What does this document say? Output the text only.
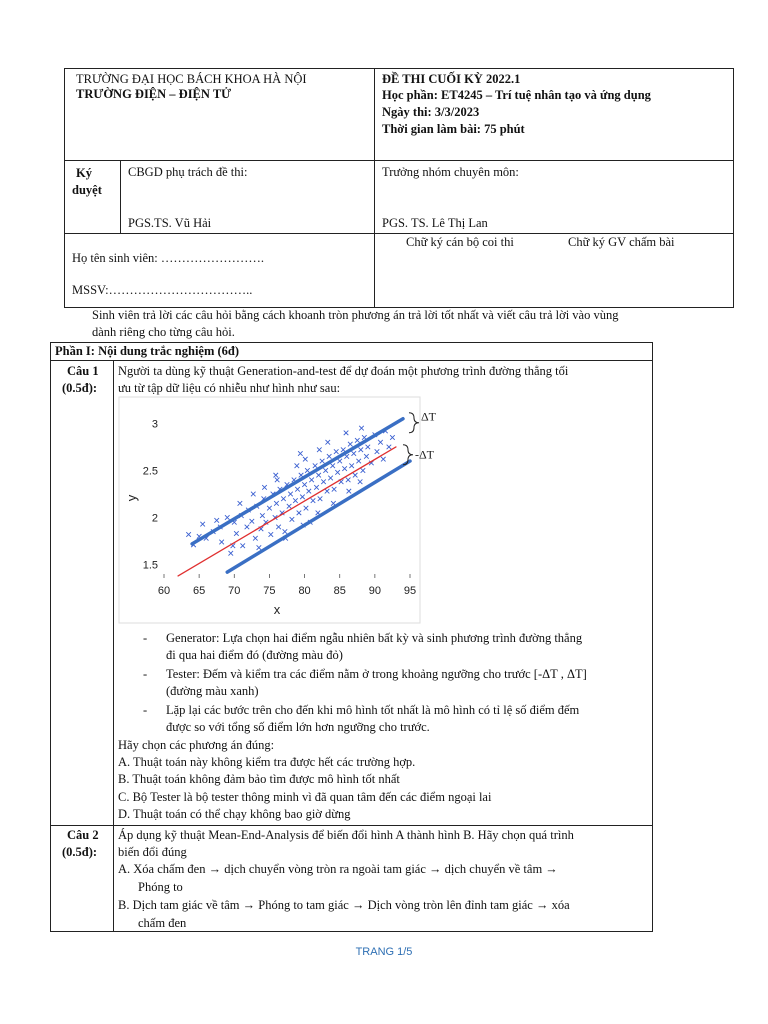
TRƯỜNG ĐẠI HỌC BÁCH KHOA HÀ NỘI
TRƯỜNG ĐIỆN – ĐIỆN TỬ
ĐỀ THI CUỐI KỲ 2022.1
Học phần: ET4245 – Trí tuệ nhân tạo và ứng dụng
Ngày thi: 3/3/2023
Thời gian làm bài: 75 phút
Ký
duyệt
CBGD phụ trách đề thi:
PGS.TS. Vũ Hải
Trưởng nhóm chuyên môn:
PGS. TS. Lê Thị Lan
Họ tên sinh viên: …………………….
MSSV:……………………………..
Chữ ký cán bộ coi thi	Chữ ký GV chấm bài
Sinh viên trả lời các câu hỏi bằng cách khoanh tròn phương án trả lời tốt nhất và viết câu trả lời vào vùng
dành riêng cho từng câu hỏi.
Phần I: Nội dung trắc nghiệm (6đ)
Câu 1
(0.5đ):
Người ta dùng kỹ thuật Generation-and-test để dự đoán một phương trình đường thẳng tối
ưu từ tập dữ liệu có nhiễu như hình như sau:
60 65 70 75 80 85 90 95
1.5
2
2.5
3
x
y
ΔT
-ΔT
- Generator: Lựa chọn hai điểm ngẫu nhiên bất kỳ và sinh phương trình đường thẳng
đi qua hai điểm đó (đường màu đỏ)
- Tester: Đếm và kiểm tra các điểm nằm ở trong khoảng ngưỡng cho trước [-ΔT , ΔT]
(đường màu xanh)
- Lặp lại các bước trên cho đến khi mô hình tốt nhất là mô hình có tỉ lệ số điểm đếm
được so với tổng số điểm lớn hơn ngưỡng cho trước.
Hãy chọn các phương án đúng:
A. Thuật toán này không kiểm tra được hết các trường hợp.
B. Thuật toán không đảm bảo tìm được mô hình tốt nhất
C. Bộ Tester là bộ tester thông minh vì đã quan tâm đến các điểm ngoại lai
D. Thuật toán có thể chạy không bao giờ dừng
Câu 2
(0.5đ):
Áp dụng kỹ thuật Mean-End-Analysis để biến đổi hình A thành hình B. Hãy chọn quá trình
biến đổi đúng
A. Xóa chấm đen → dịch chuyển vòng tròn ra ngoài tam giác → dịch chuyển về tâm →
Phóng to
B. Dịch tam giác về tâm → Phóng to tam giác → Dịch vòng tròn lên đỉnh tam giác → xóa
chấm đen
TRANG 1/5
